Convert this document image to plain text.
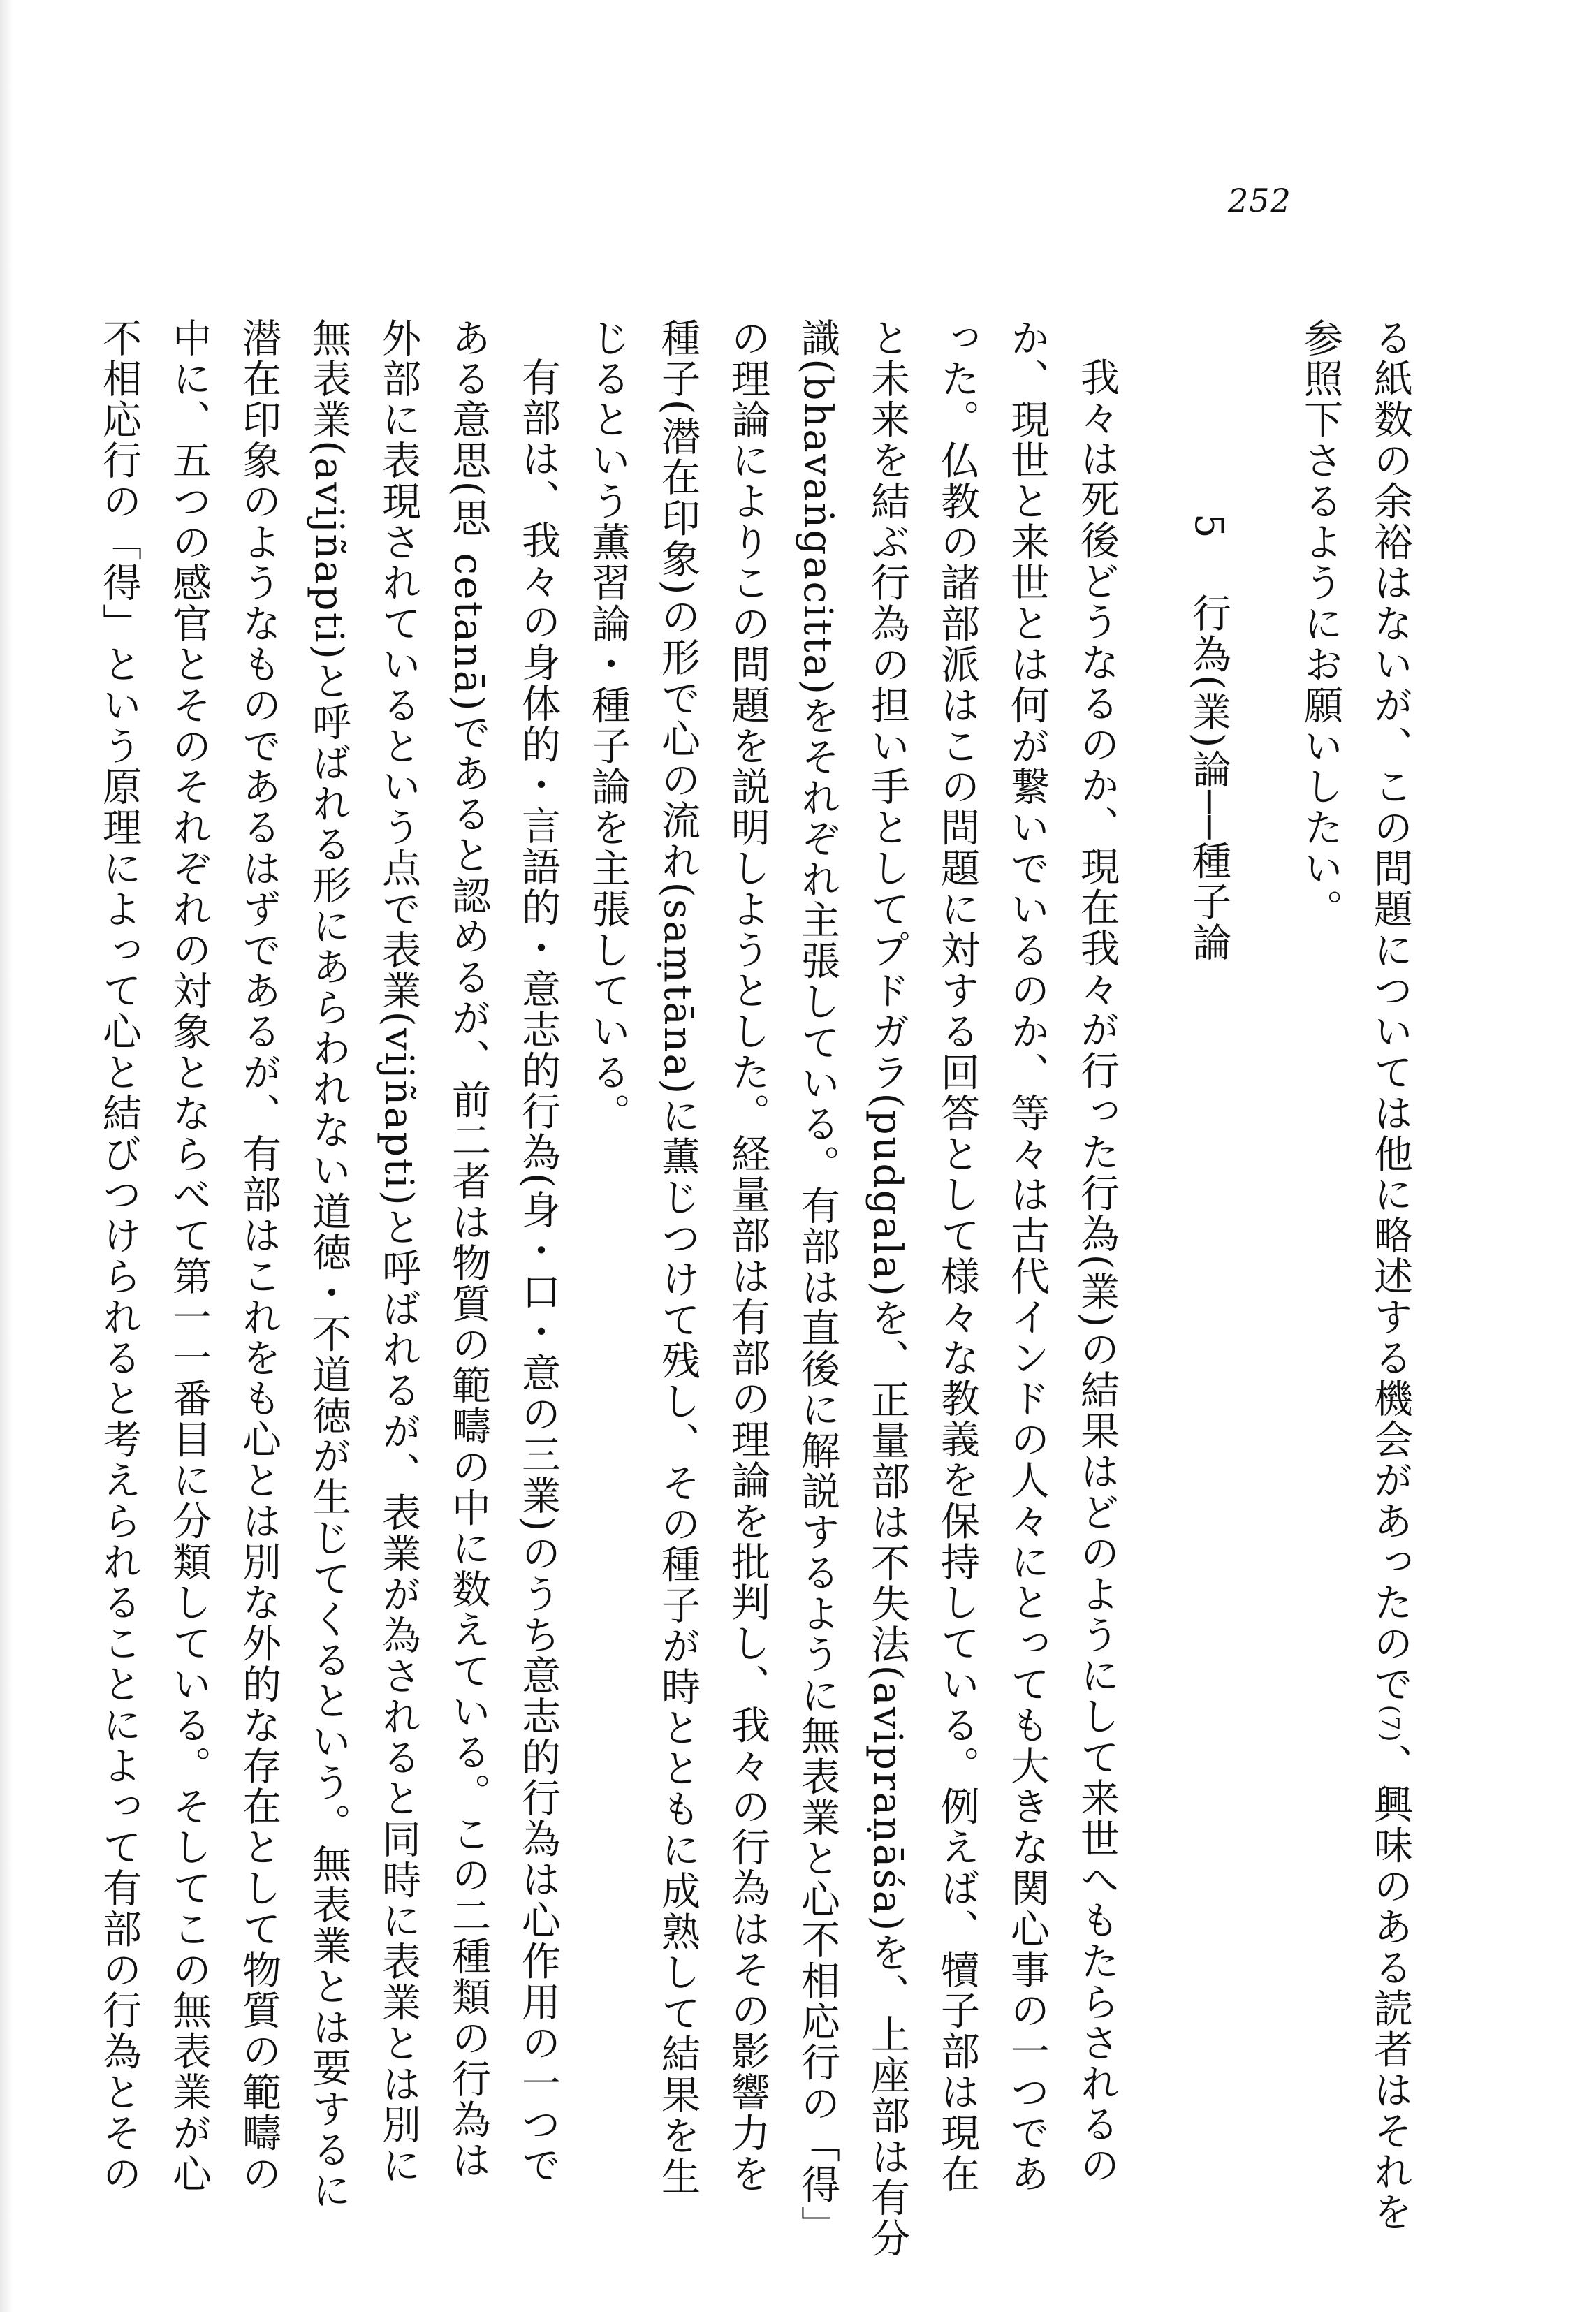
252

る紙数の余裕はないが、この問題については他に略述する機会があったので(7)、興味のある読者はそれを

参照下さるようにお願いしたい。

5 行為(業)論──種子論

我々は死後どうなるのか、現在我々が行った行為(業)の結果はどのようにして来世へもたらされるの

か、現世と来世とは何が繋いでいるのか、等々は古代インドの人々にとっても大きな関心事の一つであ

った。仏教の諸部派はこの問題に対する回答として様々な教義を保持している。例えば、犢子部は現在

と未来を結ぶ行為の担い手としてプドガラ(pudgala)を、正量部は不失法(avipraṇāśa)を、上座部は有分

識(bhavaṅgacitta)をそれぞれ主張している。有部は直後に解説するように無表業と心不相応行の「得」

の理論によりこの問題を説明しようとした。経量部は有部の理論を批判し、我々の行為はその影響力を

種子(潜在印象)の形で心の流れ(saṃtāna)に薫じつけて残し、その種子が時とともに成熟して結果を生

じるという薫習論・種子論を主張している。

有部は、我々の身体的・言語的・意志的行為(身・口・意の三業)のうち意志的行為は心作用の一つで

ある意思(思 cetanā)であると認めるが、前二者は物質の範疇の中に数えている。この二種類の行為は

外部に表現されているという点で表業(vijñapti)と呼ばれるが、表業が為されると同時に表業とは別に

無表業(avijñapti)と呼ばれる形にあらわれない道徳・不道徳が生じてくるという。無表業とは要するに

潜在印象のようなものであるはずであるが、有部はこれをも心とは別な外的な存在として物質の範疇の

中に、五つの感官とそのそれぞれの対象とならべて第一一番目に分類している。そしてこの無表業が心

不相応行の「得」という原理によって心と結びつけられると考えられることによって有部の行為とその
